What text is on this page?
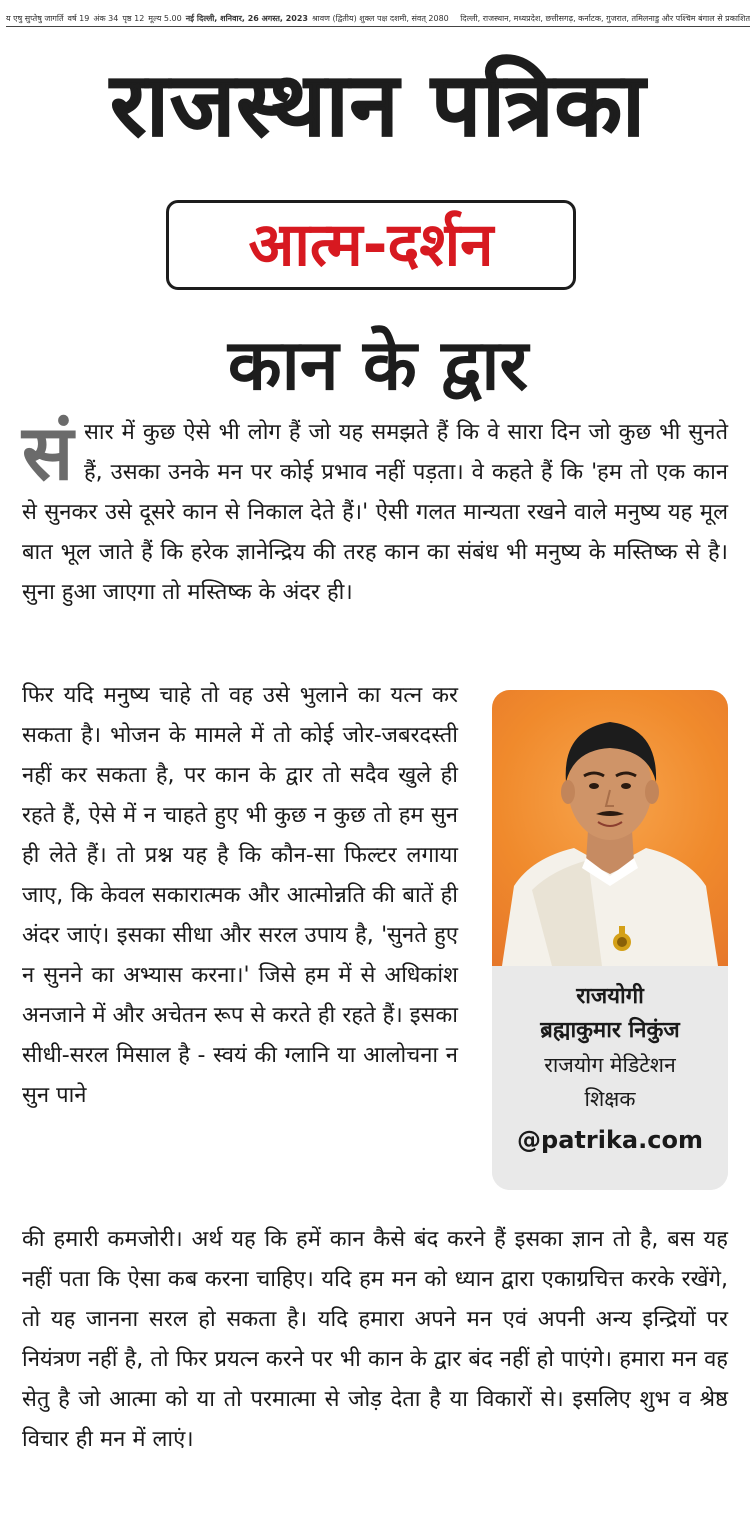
य एषु सुप्तेषु जागर्ति वर्ष 19 अंक 34 पृष्ठ 12 मूल्य 5.00 नई दिल्ली, शनिवार, 26 अगस्त, 2023 श्रावण (द्वितीय) शुक्ल पक्ष दशमी, संवत् 2080 दिल्ली, राजस्थान, मध्यप्रदेश, छत्तीसगढ़, कर्नाटक, गुजरात, तमिलनाडु और पश्चिम बंगाल से प्रकाशित
राजस्थान पत्रिका
आत्म-दर्शन
कान के द्वार
सं सार में कुछ ऐसे भी लोग हैं जो यह समझते हैं कि वे सारा दिन जो कुछ भी सुनते हैं, उसका उनके मन पर कोई प्रभाव नहीं पड़ता। वे कहते हैं कि 'हम तो एक कान से सुनकर उसे दूसरे कान से निकाल देते हैं।' ऐसी गलत मान्यता रखने वाले मनुष्य यह मूल बात भूल जाते हैं कि हरेक ज्ञानेन्द्रिय की तरह कान का संबंध भी मनुष्य के मस्तिष्क से है। सुना हुआ जाएगा तो मस्तिष्क के अंदर ही।

फिर यदि मनुष्य चाहे तो वह उसे भुलाने का यत्न कर सकता है। भोजन के मामले में तो कोई जोर-जबरदस्ती नहीं कर सकता है, पर कान के द्वार तो सदैव खुले ही रहते हैं, ऐसे में न चाहते हुए भी कुछ न कुछ तो हम सुन ही लेते हैं। तो प्रश्न यह है कि कौन-सा फिल्टर लगाया जाए, कि केवल सकारात्मक और आत्मोन्नति की बातें ही अंदर जाएं। इसका सीधा और सरल उपाय है, 'सुनते हुए न सुनने का अभ्यास करना।' जिसे हम में से अधिकांश अनजाने में और अचेतन रूप से करते ही रहते हैं। इसका सीधी-सरल मिसाल है - स्वयं की ग्लानि या आलोचना न सुन पाने

राजयोगी
ब्रह्माकुमार निकुंज
राजयोग मेडिटेशन
शिक्षक
@patrika.com

की हमारी कमजोरी। अर्थ यह कि हमें कान कैसे बंद करने हैं इसका ज्ञान तो है, बस यह नहीं पता कि ऐसा कब करना चाहिए। यदि हम मन को ध्यान द्वारा एकाग्रचित्त करके रखेंगे, तो यह जानना सरल हो सकता है। यदि हमारा अपने मन एवं अपनी अन्य इन्द्रियों पर नियंत्रण नहीं है, तो फिर प्रयत्न करने पर भी कान के द्वार बंद नहीं हो पाएंगे। हमारा मन वह सेतु है जो आत्मा को या तो परमात्मा से जोड़ देता है या विकारों से। इसलिए शुभ व श्रेष्ठ विचार ही मन में लाएं।
